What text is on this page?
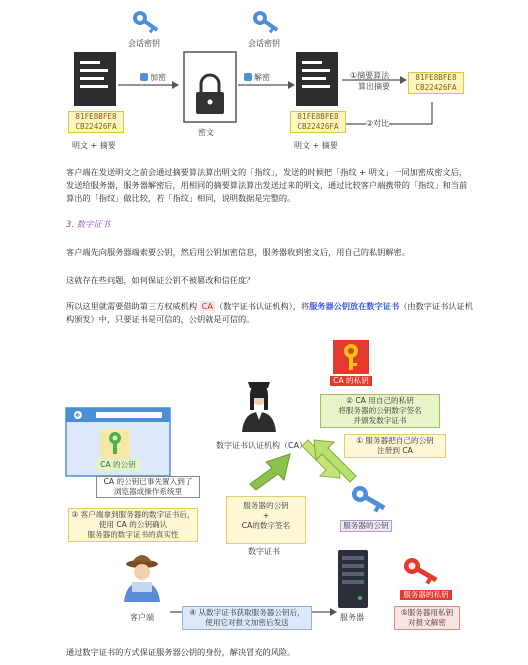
会话密钥	会话密钥
加密	解密
密文
81FE8BFE8
CB22426FA
81FE8BFE8
CB22426FA
81FE8BFE8
CB22426FA
明文 + 摘要	明文 + 摘要
①摘要算法
算出摘要
②对比
客户端在发送明文之前会通过摘要算法算出明文的「指纹」，发送的时候把「指纹 + 明文」一同加密成密文后，发送给服务器，服务器解密后，用相同的摘要算法算出发送过来的明文，通过比较客户端携带的「指纹」和当前算出的「指纹」做比较，若「指纹」相同，说明数据是完整的。
3. 数字证书
客户端先向服务器端索要公钥，然后用公钥加密信息，服务器收到密文后，用自己的私钥解密。
这就存在些问题，如何保证公钥不被篡改和信任度？
所以这里就需要借助第三方权威机构 CA （数字证书认证机构），将服务器公钥放在数字证书（由数字证书认证机构颁发）中，只要证书是可信的，公钥就是可信的。
CA 的私钥
② CA 用自己的私钥
将服务器的公钥数字签名
并颁发数字证书
数字证书认证机构（CA）
① 服务器把自己的公钥
注册到 CA
CA 的公钥
CA 的公钥已事先置入到了
浏览器或操作系统里
③ 客户端拿到服务器的数字证书后，
使用 CA 的公钥确认
服务器的数字证书的真实性
服务器的公钥
+
CA的数字签名
数字证书
服务器的公钥
客户端
④ 从数字证书获取服务器公钥后，
使用它对报文加密后发送
服务器
服务器的私钥
⑤服务器用私钥
对报文解密
通过数字证书的方式保证服务器公钥的身份，解决冒充的风险。
